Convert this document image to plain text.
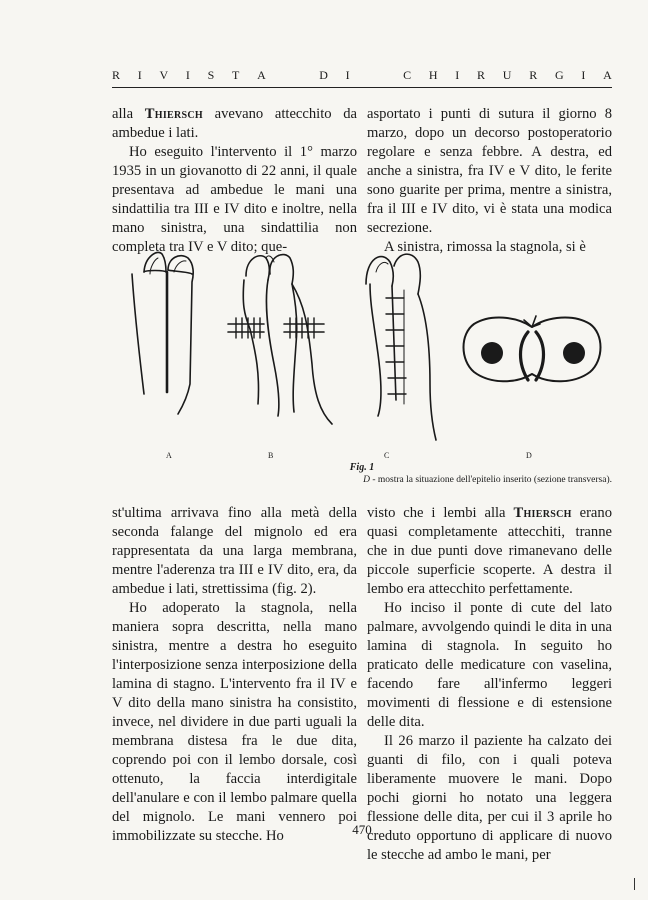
R I V I S T A	D I	C H I R U R G I A

alla Thiersch avevano attecchito da ambedue i lati.

Ho eseguito l'intervento il 1° marzo 1935 in un giovanotto di 22 anni, il quale presentava ad ambedue le mani una sindattilia tra III e IV dito e inoltre, nella mano sinistra, una sindattilia non completa tra IV e V dito; que-

asportato i punti di sutura il giorno 8 marzo, dopo un decorso postoperatorio regolare e senza febbre. A destra, ed anche a sinistra, fra IV e V dito, le ferite sono guarite per prima, mentre a sinistra, fra il III e IV dito, vi è stata una modica secrezione.

A sinistra, rimossa la stagnola, si è

A	B	C	D
Fig. 1
D - mostra la situazione dell'epitelio inserito (sezione transversa).

st'ultima arrivava fino alla metà della seconda falange del mignolo ed era rappresentata da una larga membrana, mentre l'aderenza tra III e IV dito, era, da ambedue i lati, strettissima (fig. 2).

Ho adoperato la stagnola, nella maniera sopra descritta, nella mano sinistra, mentre a destra ho eseguito l'interposizione senza interposizione della lamina di stagno. L'intervento fra il IV e V dito della mano sinistra ha consistito, invece, nel dividere in due parti uguali la membrana distesa fra le due dita, coprendo poi con il lembo dorsale, così ottenuto, la faccia interdigitale dell'anulare e con il lembo palmare quella del mignolo. Le mani vennero poi immobilizzate su stecche. Ho

visto che i lembi alla Thiersch erano quasi completamente attecchiti, tranne che in due punti dove rimanevano delle piccole superficie scoperte. A destra il lembo era attecchito perfettamente.

Ho inciso il ponte di cute del lato palmare, avvolgendo quindi le dita in una lamina di stagnola. In seguito ho praticato delle medicature con vaselina, facendo fare all'infermo leggeri movimenti di flessione e di estensione delle dita.

Il 26 marzo il paziente ha calzato dei guanti di filo, con i quali poteva liberamente muovere le mani. Dopo pochi giorni ho notato una leggera flessione delle dita, per cui il 3 aprile ho creduto opportuno di applicare di nuovo le stecche ad ambo le mani, per

470
